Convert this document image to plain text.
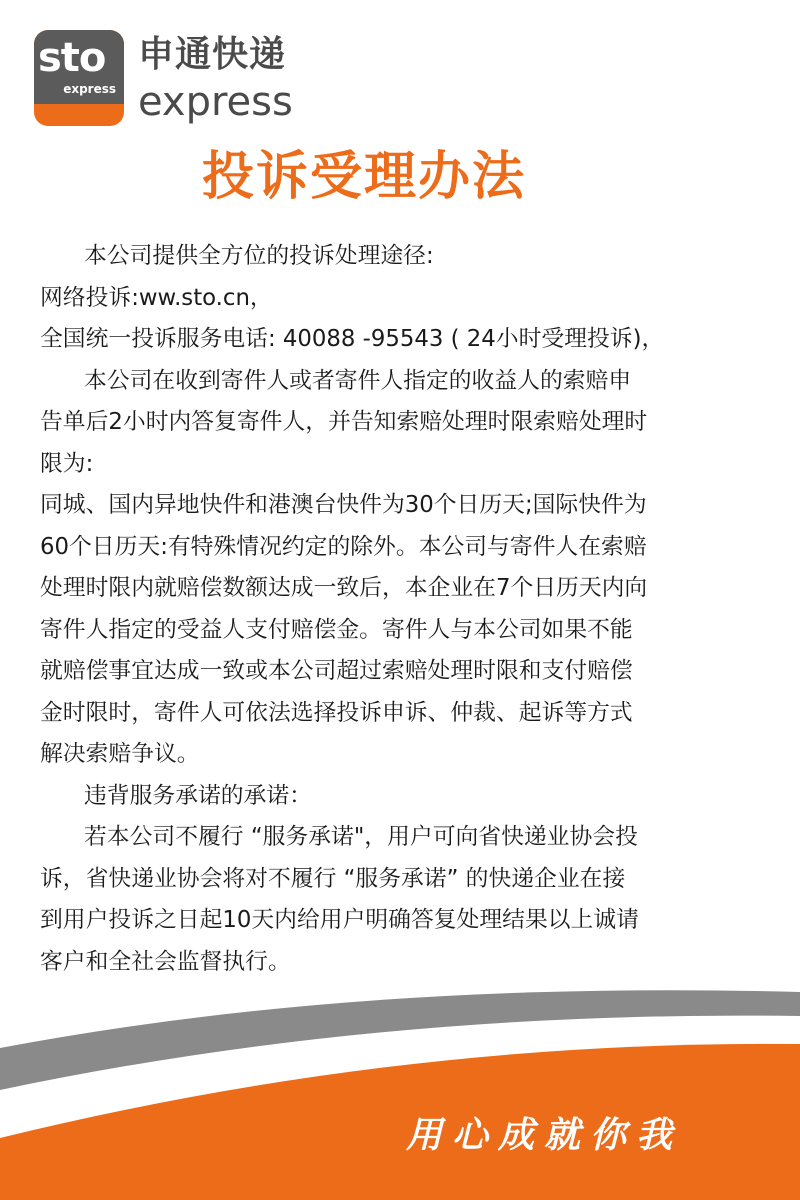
sto
express
申通快递
express
投诉受理办法
本公司提供全方位的投诉处理途径:
网络投诉:ww.sto.cn，
全国统一投诉服务电话: 40088 -95543 ( 24小时受理投诉)，
本公司在收到寄件人或者寄件人指定的收益人的索赔申
告单后2小时内答复寄件人，并告知索赔处理时限索赔处理时
限为:
同城、国内异地快件和港澳台快件为30个日历天;国际快件为
60个日历天:有特殊情况约定的除外。本公司与寄件人在索赔
处理时限内就赔偿数额达成一致后，本企业在7个日历天内向
寄件人指定的受益人支付赔偿金。寄件人与本公司如果不能
就赔偿事宜达成一致或本公司超过索赔处理时限和支付赔偿
金时限时，寄件人可依法选择投诉申诉、仲裁、起诉等方式
解决索赔争议。
违背服务承诺的承诺：
若本公司不履行 “服务承诺"，用户可向省快递业协会投
诉，省快递业协会将对不履行 “服务承诺” 的快递企业在接
到用户投诉之日起10天内给用户明确答复处理结果以上诚请
客户和全社会监督执行。
用心成就你我
